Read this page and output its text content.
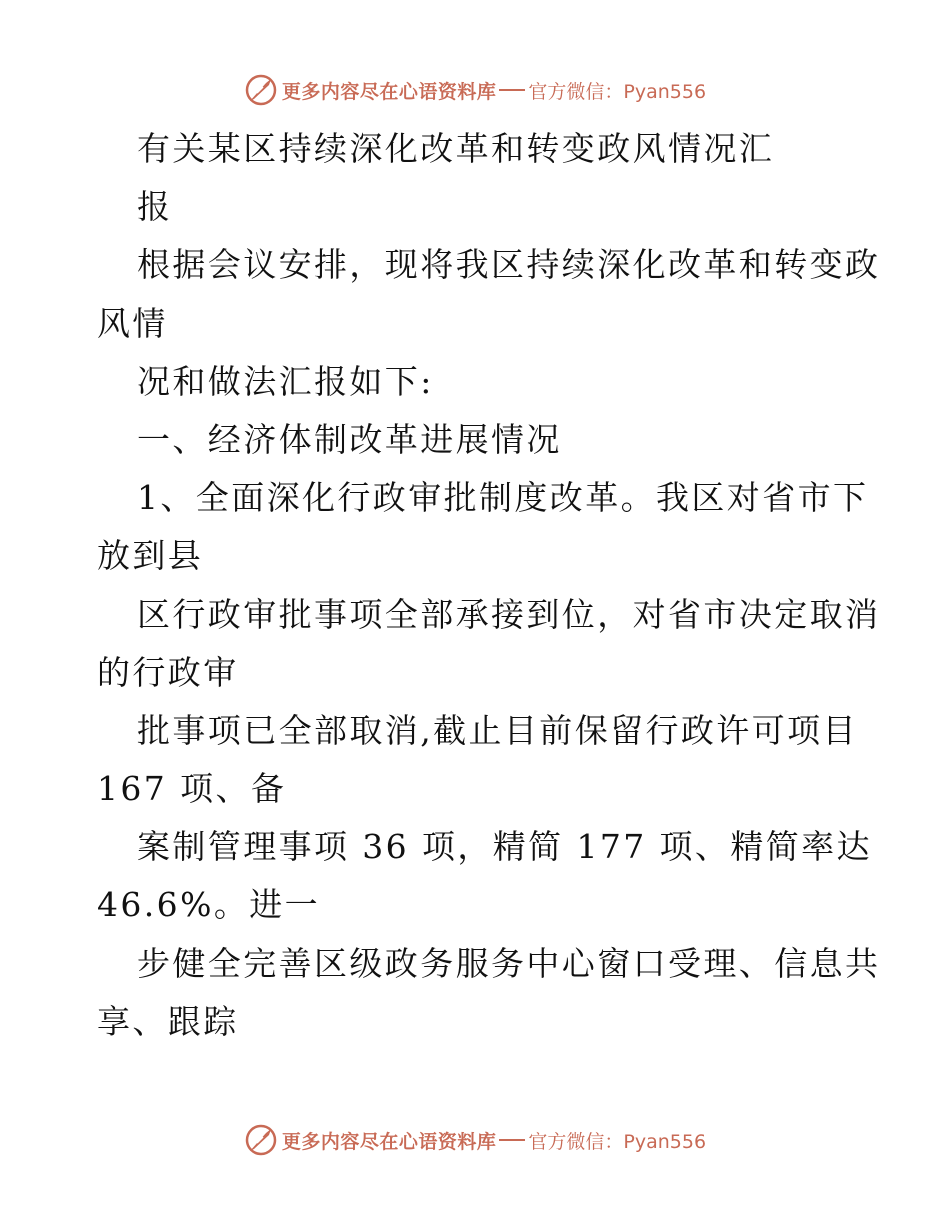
更多内容尽在心语资料库 官方微信：Pyan556
有关某区持续深化改革和转变政风情况汇
报
根据会议安排，现将我区持续深化改革和转变政
风情
况和做法汇报如下:
一、经济体制改革进展情况
1、全面深化行政审批制度改革。我区对省市下
放到县
区行政审批事项全部承接到位，对省市决定取消
的行政审
批事项已全部取消,截止目前保留行政许可项目
167 项、备
案制管理事项 36 项，精简 177 项、精简率达
46.6%。进一
步健全完善区级政务服务中心窗口受理、信息共
享、跟踪
更多内容尽在心语资料库 官方微信：Pyan556
